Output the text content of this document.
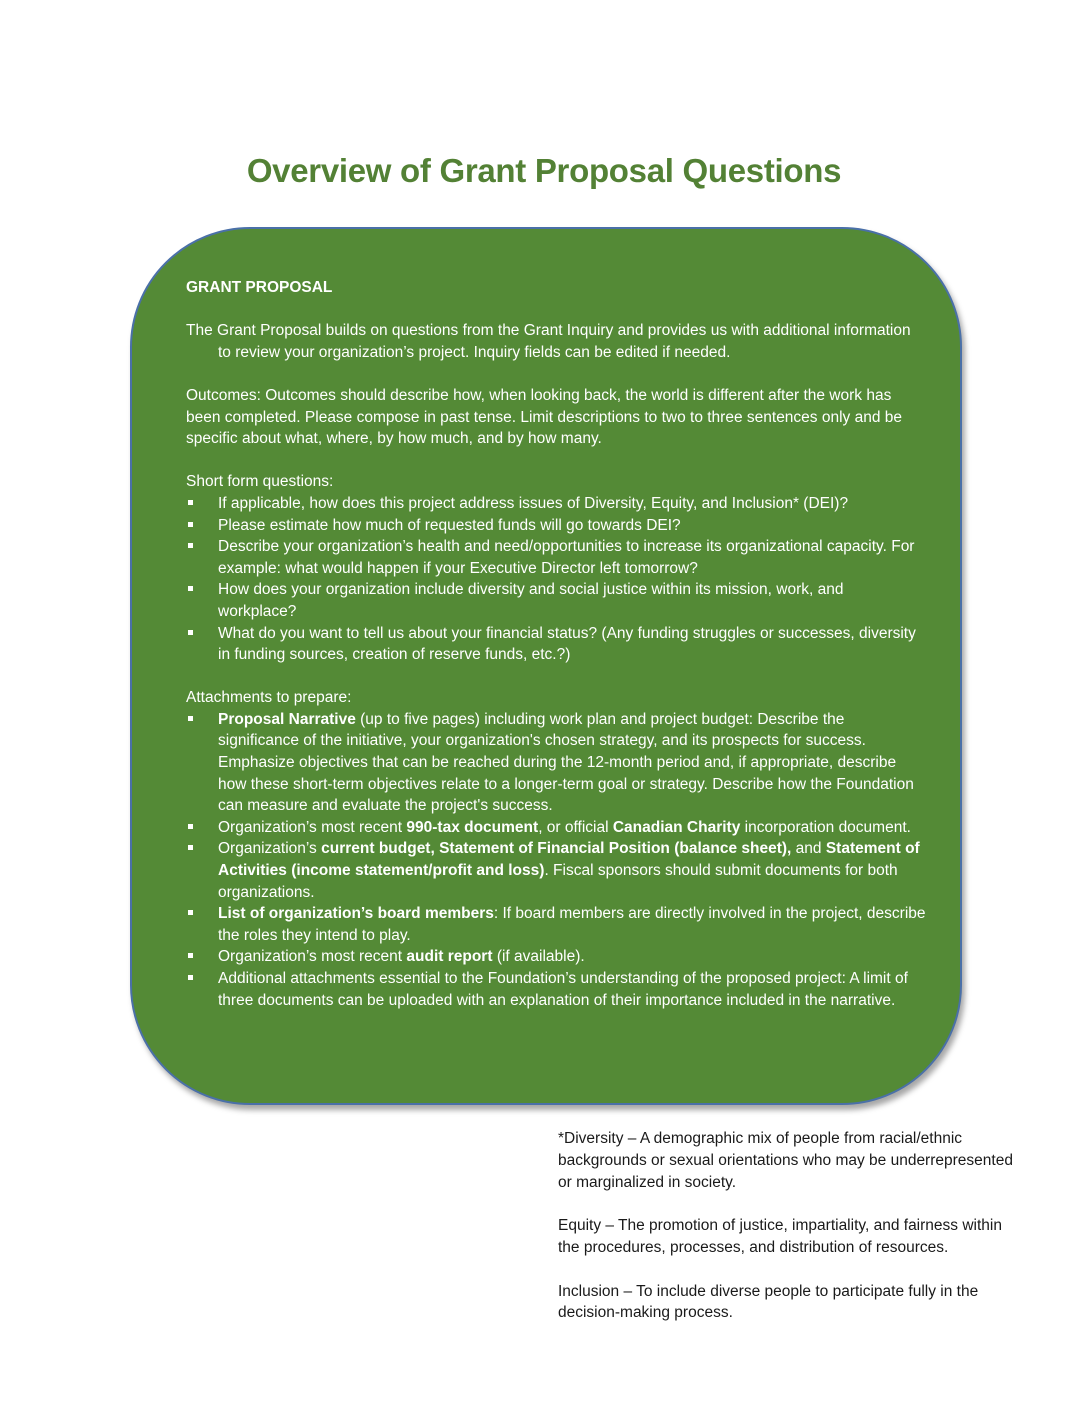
Overview of Grant Proposal Questions

GRANT PROPOSAL

The Grant Proposal builds on questions from the Grant Inquiry and provides us with additional information to review your organization’s project. Inquiry fields can be edited if needed.

Outcomes: Outcomes should describe how, when looking back, the world is different after the work has been completed. Please compose in past tense. Limit descriptions to two to three sentences only and be specific about what, where, by how much, and by how many.

Short form questions:

If applicable, how does this project address issues of Diversity, Equity, and Inclusion* (DEI)?
Please estimate how much of requested funds will go towards DEI?
Describe your organization’s health and need/opportunities to increase its organizational capacity. For example: what would happen if your Executive Director left tomorrow?
How does your organization include diversity and social justice within its mission, work, and workplace?
What do you want to tell us about your financial status? (Any funding struggles or successes, diversity in funding sources, creation of reserve funds, etc.?)

Attachments to prepare:

Proposal Narrative (up to five pages) including work plan and project budget: Describe the significance of the initiative, your organization's chosen strategy, and its prospects for success. Emphasize objectives that can be reached during the 12-month period and, if appropriate, describe how these short-term objectives relate to a longer-term goal or strategy. Describe how the Foundation can measure and evaluate the project's success.
Organization’s most recent 990-tax document, or official Canadian Charity incorporation document.
Organization’s current budget, Statement of Financial Position (balance sheet), and Statement of Activities (income statement/profit and loss). Fiscal sponsors should submit documents for both organizations.
List of organization’s board members: If board members are directly involved in the project, describe the roles they intend to play.
Organization’s most recent audit report (if available).
Additional attachments essential to the Foundation’s understanding of the proposed project: A limit of three documents can be uploaded with an explanation of their importance included in the narrative.

*Diversity – A demographic mix of people from racial/ethnic backgrounds or sexual orientations who may be underrepresented or marginalized in society.

Equity – The promotion of justice, impartiality, and fairness within the procedures, processes, and distribution of resources.

Inclusion – To include diverse people to participate fully in the decision-making process.
